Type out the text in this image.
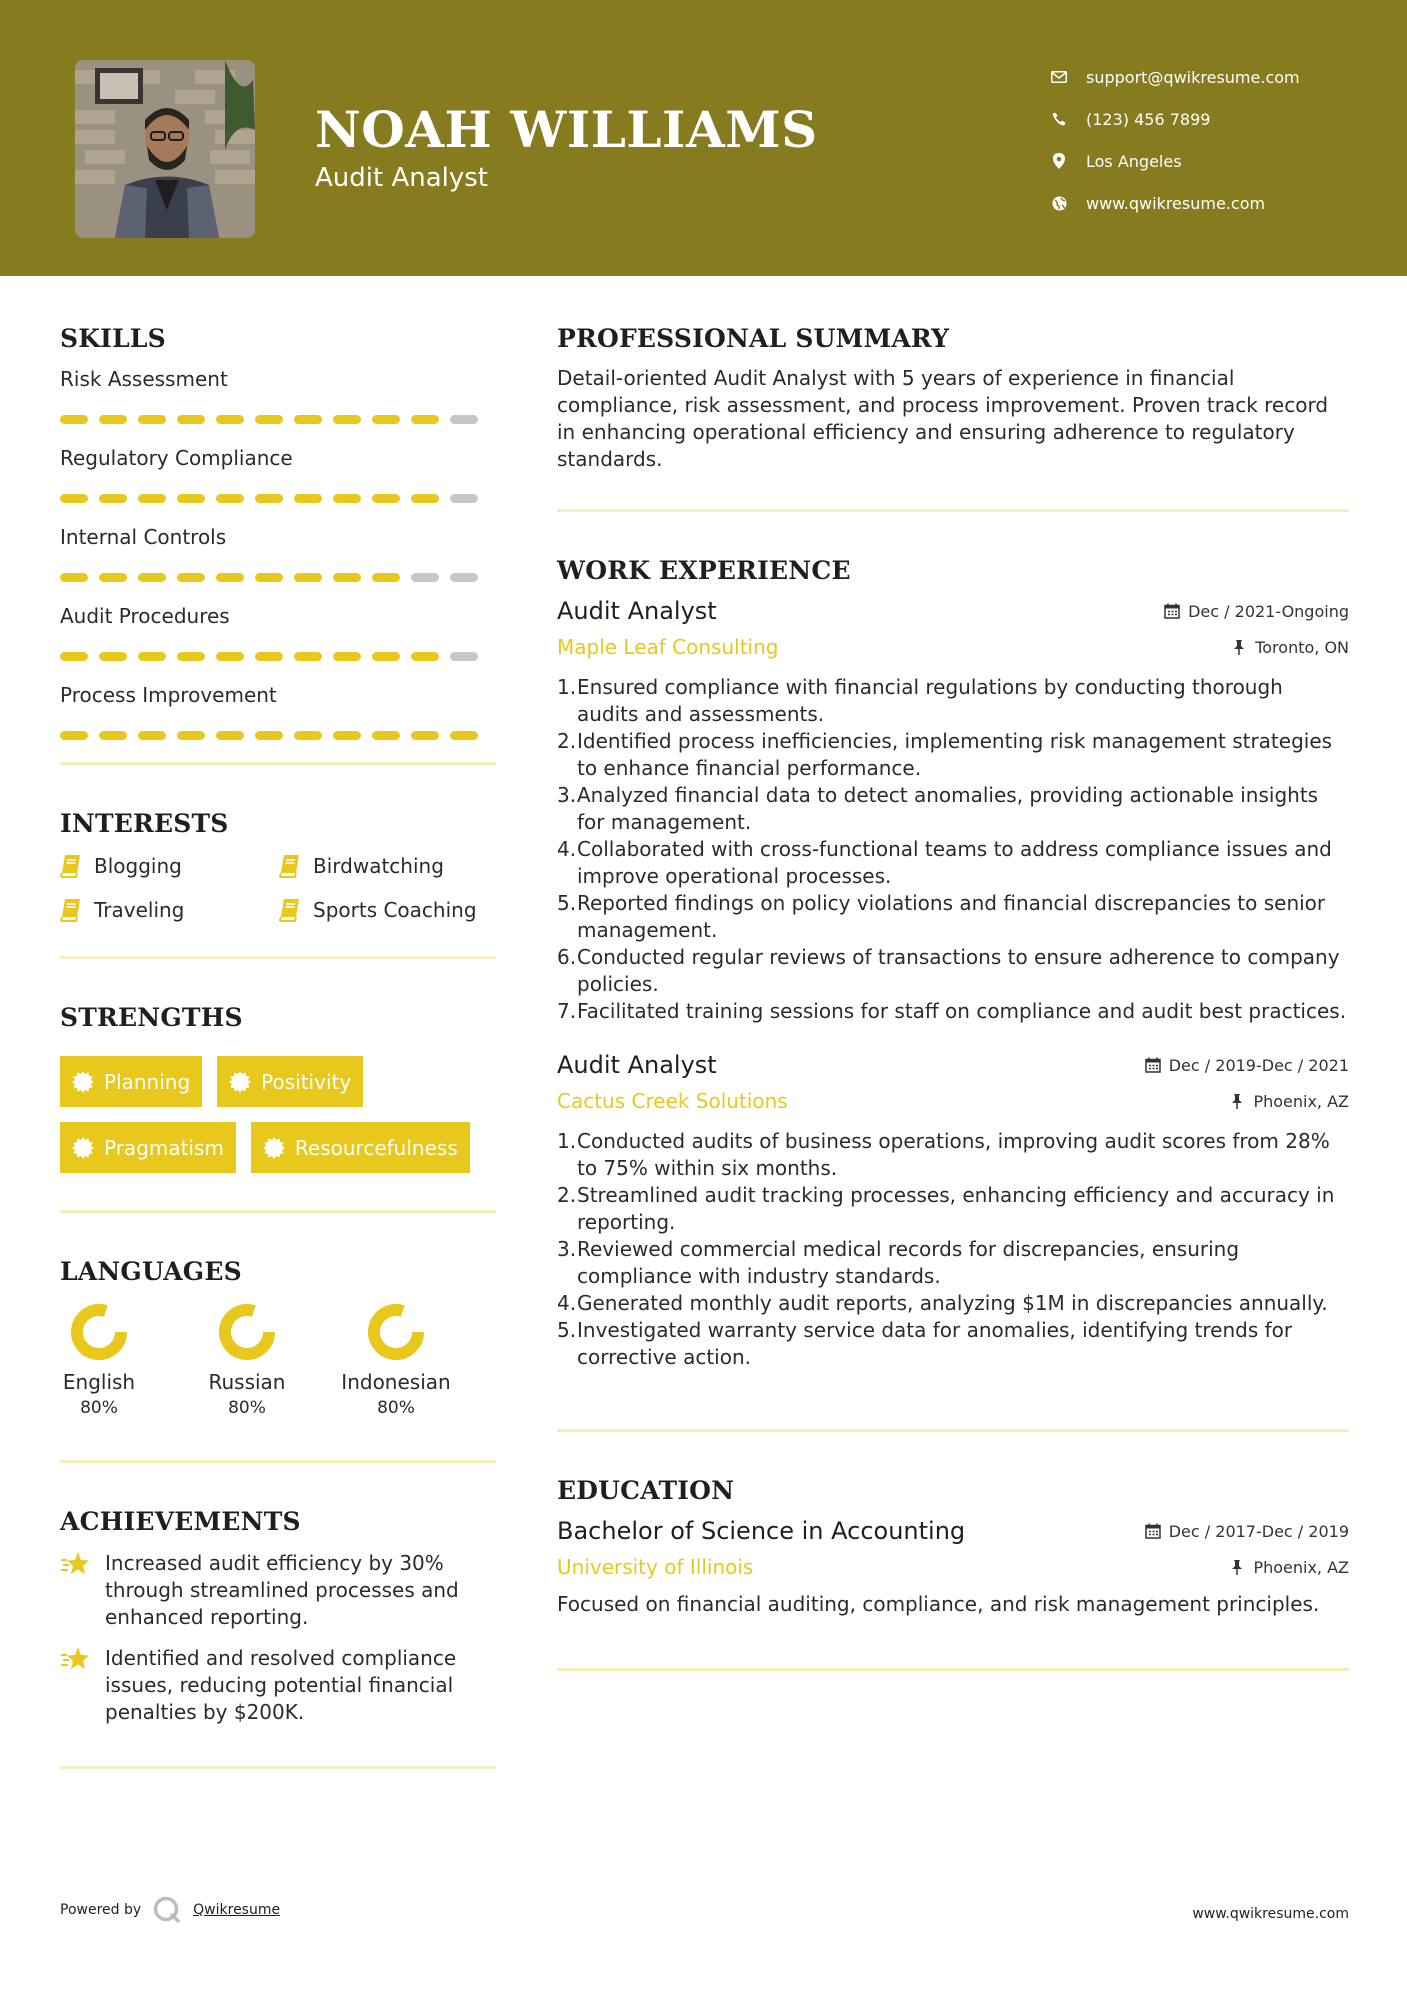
NOAH WILLIAMS
Audit Analyst
support@qwikresume.com
(123) 456 7899
Los Angeles
www.qwikresume.com
SKILLS
Risk Assessment
Regulatory Compliance
Internal Controls
Audit Procedures
Process Improvement
INTERESTS
Blogging	Birdwatching
Traveling	Sports Coaching
STRENGTHS
Planning	Positivity
Pragmatism	Resourcefulness
LANGUAGES
English
80%
Russian
80%
Indonesian
80%
ACHIEVEMENTS
Increased audit efficiency by 30% through streamlined processes and enhanced reporting.
Identified and resolved compliance issues, reducing potential financial penalties by $200K.
PROFESSIONAL SUMMARY
Detail-oriented Audit Analyst with 5 years of experience in financial compliance, risk assessment, and process improvement. Proven track record in enhancing operational efficiency and ensuring adherence to regulatory standards.
WORK EXPERIENCE
Audit Analyst	Dec / 2021-Ongoing
Maple Leaf Consulting	Toronto, ON
1. Ensured compliance with financial regulations by conducting thorough audits and assessments.
2. Identified process inefficiencies, implementing risk management strategies to enhance financial performance.
3. Analyzed financial data to detect anomalies, providing actionable insights for management.
4. Collaborated with cross-functional teams to address compliance issues and improve operational processes.
5. Reported findings on policy violations and financial discrepancies to senior management.
6. Conducted regular reviews of transactions to ensure adherence to company policies.
7. Facilitated training sessions for staff on compliance and audit best practices.
Audit Analyst	Dec / 2019-Dec / 2021
Cactus Creek Solutions	Phoenix, AZ
1. Conducted audits of business operations, improving audit scores from 28% to 75% within six months.
2. Streamlined audit tracking processes, enhancing efficiency and accuracy in reporting.
3. Reviewed commercial medical records for discrepancies, ensuring compliance with industry standards.
4. Generated monthly audit reports, analyzing $1M in discrepancies annually.
5. Investigated warranty service data for anomalies, identifying trends for corrective action.
EDUCATION
Bachelor of Science in Accounting	Dec / 2017-Dec / 2019
University of Illinois	Phoenix, AZ
Focused on financial auditing, compliance, and risk management principles.
Powered by	Qwikresume	www.qwikresume.com
